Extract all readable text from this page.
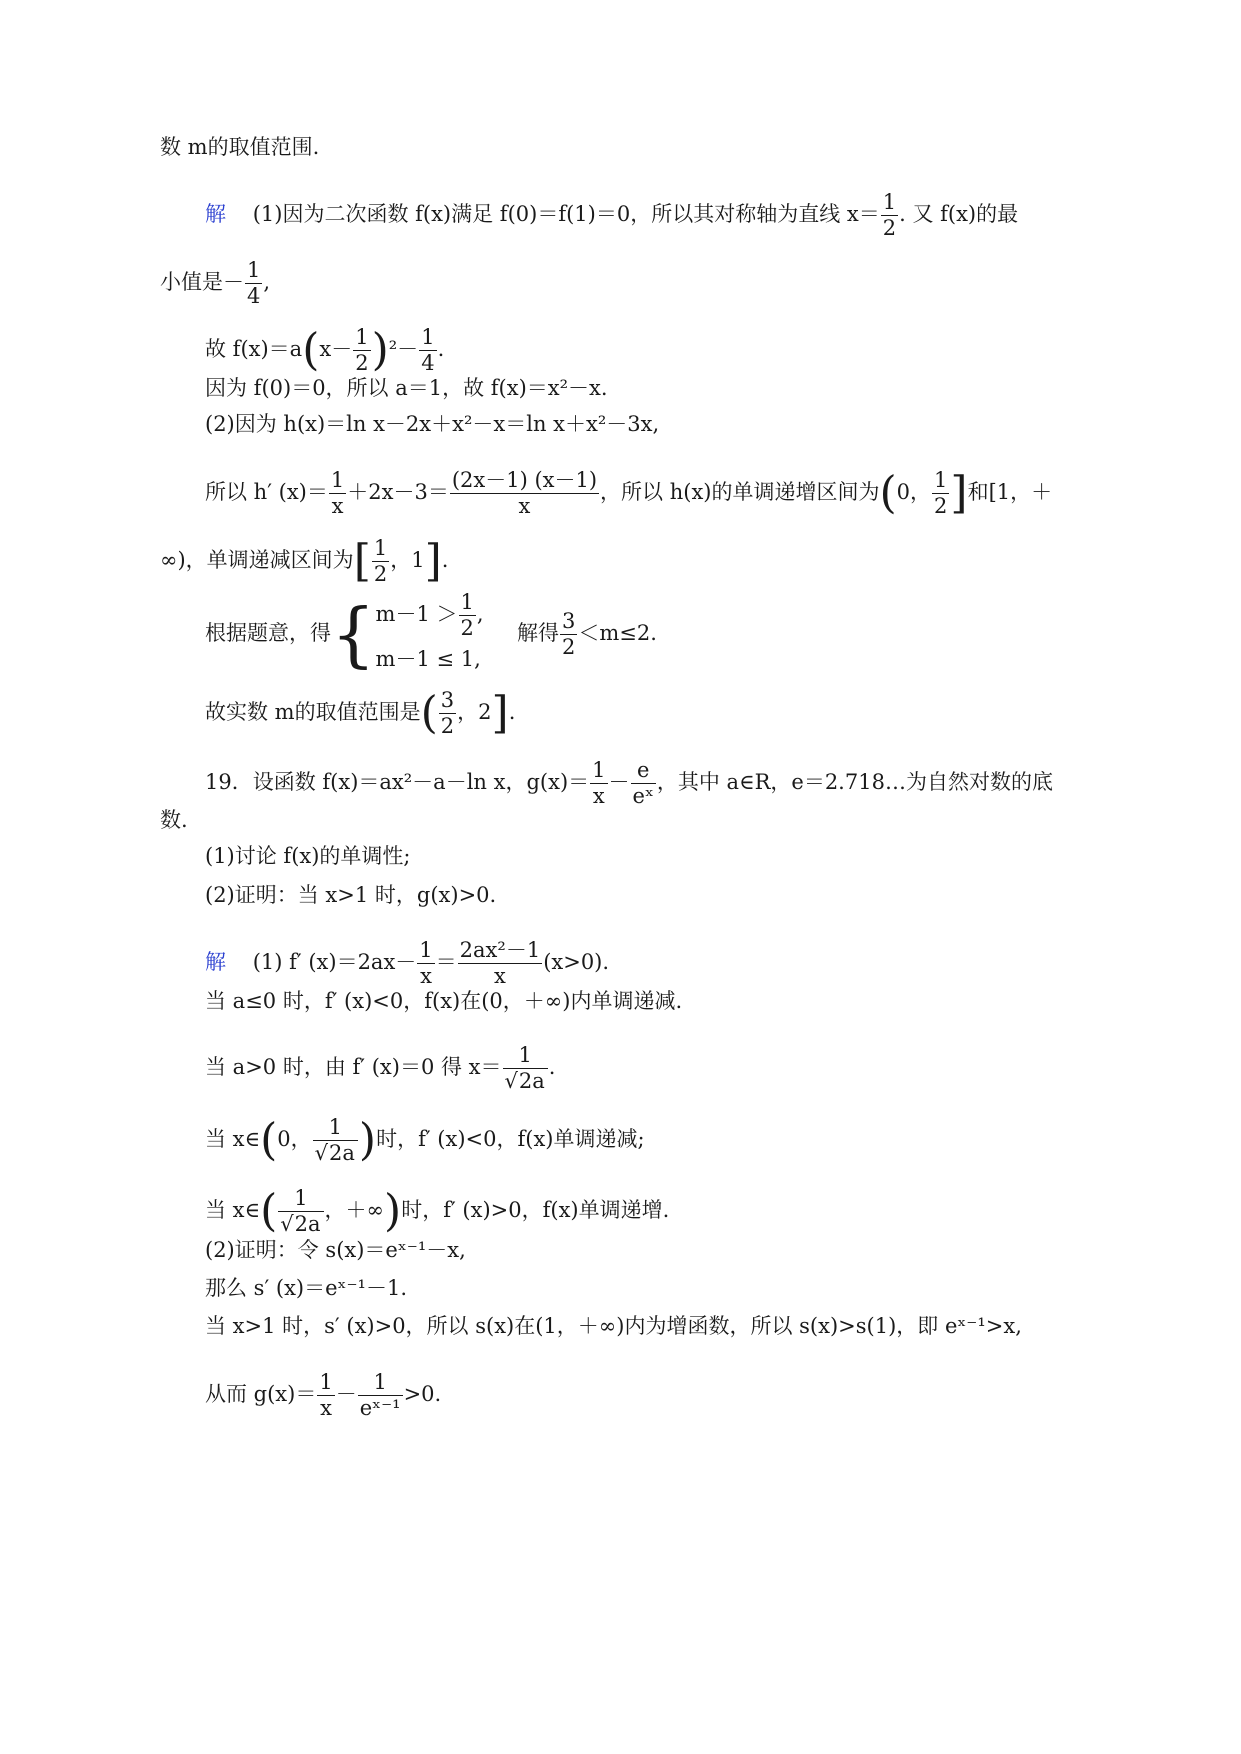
数 m的取值范围.
解 (1)因为二次函数 f(x)满足 f(0)＝f(1)＝0，所以其对称轴为直线 $x= \frac{1}{2}$ . 又 f(x)的最
小值是－ $\frac{1}{4}$ ,
故 $f(x)=a(x- \frac{1}{2} )^2- \frac{1}{4}$ .
因为 f(0)＝0，所以 a＝1，故 f(x)＝x²－x.
(2)因为 h(x)＝ln x－2x＋x²－x＝ln x＋x²－3x,
所以 h′ $(x)= \frac{1}{x} +2x-3= \frac{(2x-1) (x-1)}{x}$ ，所以 h(x)的单调递增区间为(0， $\frac{1}{2}$ ]和[1，＋
∞)，单调递减区间为[ $\frac{1}{2}$ ，1].
根据题意，得{ $m-1 > \frac{1}{2}$ ,
m－1 ≤ 1,
解得 $\frac{3}{2} <m\le 2$.
故实数 m的取值范围是( $\frac{3}{2}$ ，2].
19．设函数 f(x)＝ax²－a－ln x，$g(x)= \frac{1}{x} - \frac{e}{\text{eˣ}}$ ，其中 a∈R，e＝2.718…为自然对数的底
数.
(1)讨论 f(x)的单调性;
(2)证明：当 x>1 时，g(x)>0.
解 (1) f′ $(x)=2ax- \frac{1}{x} = \frac{\text{2ax²－1}}{x} (x>0)$.
当 a≤0 时，f′ (x)<0，f(x)在(0，＋∞)内单调递减.
当 a>0 时，由 f′ (x)＝0 得 $x= \frac{1}{√2a}$ .
当 x∈(0， $\frac{1}{√2a}$ )时，f′ (x)<0，f(x)单调递减;
当 x∈( $\frac{1}{√2a}$ ，＋∞)时，f′ (x)>0，f(x)单调递增.
(2)证明：令 s(x)＝eˣ⁻¹－x,
那么 s′ (x)＝eˣ⁻¹－1.
当 x>1 时，s′ (x)>0，所以 s(x)在(1，＋∞)内为增函数，所以 s(x)>s(1)，即 eˣ⁻¹>x,
从而 $g(x)= \frac{1}{x} - \frac{1}{\text{eˣ⁻¹}} >0$.
